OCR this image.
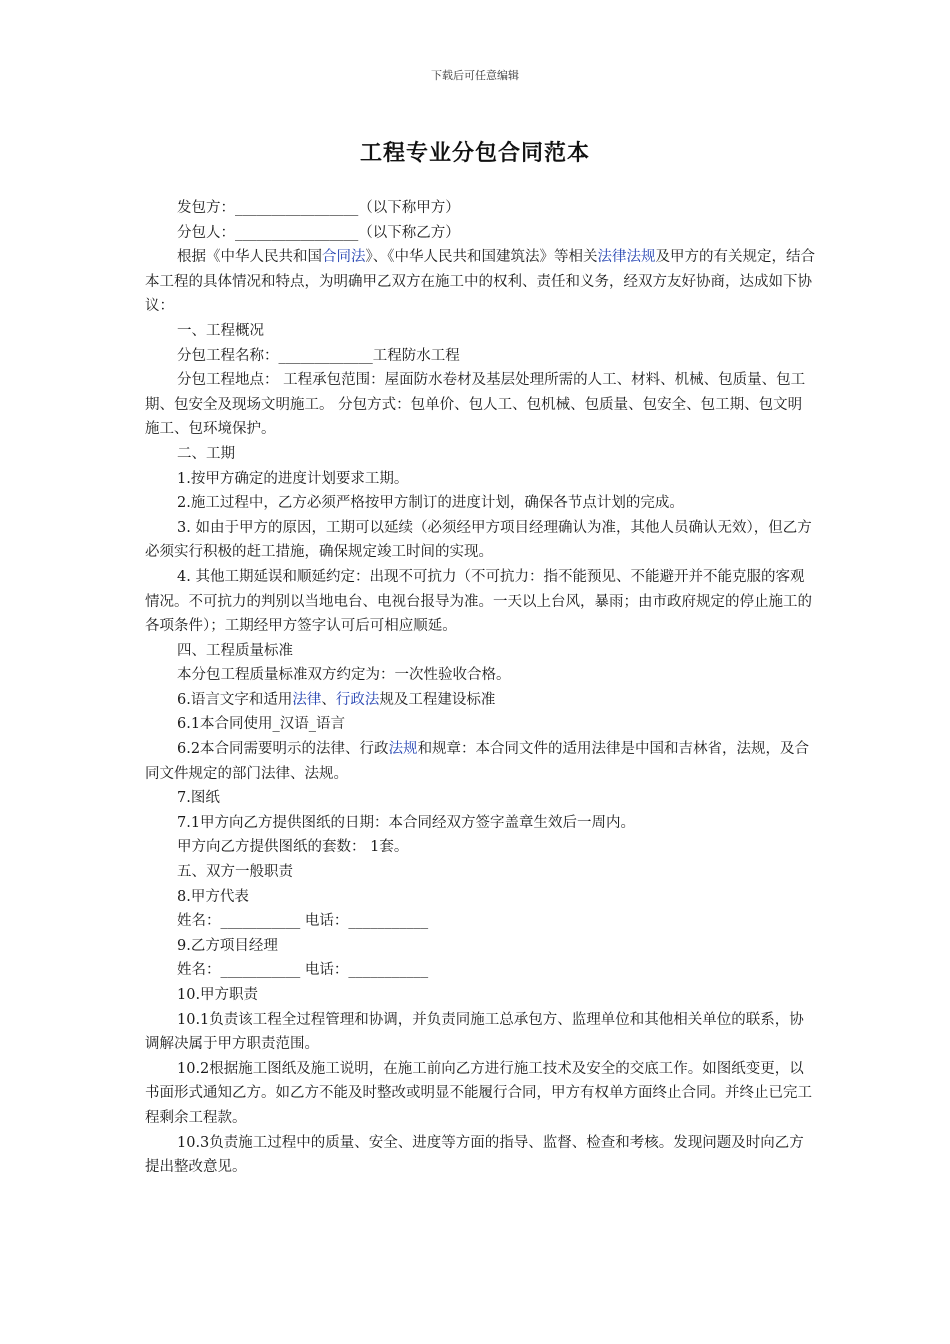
下载后可任意编辑
工程专业分包合同范本

发包方：_________________（以下称甲方）

分包人：_________________（以下称乙方）

根据《中华人民共和国合同法》、《中华人民共和国建筑法》等相关法律法规及甲方的有关规定，结合本工程的具体情况和特点，为明确甲乙双方在施工中的权利、责任和义务，经双方友好协商，达成如下协议：

一、工程概况

分包工程名称：_____________工程防水工程

分包工程地点： 工程承包范围：屋面防水卷材及基层处理所需的人工、材料、机械、包质量、包工期、包安全及现场文明施工。 分包方式：包单价、包人工、包机械、包质量、包安全、包工期、包文明施工、包环境保护。

二、工期

1.按甲方确定的进度计划要求工期。

2.施工过程中，乙方必须严格按甲方制订的进度计划，确保各节点计划的完成。

3. 如由于甲方的原因，工期可以延续（必须经甲方项目经理确认为准，其他人员确认无效），但乙方必须实行积极的赶工措施，确保规定竣工时间的实现。

4. 其他工期延误和顺延约定：出现不可抗力（不可抗力：指不能预见、不能避开并不能克服的客观情况。不可抗力的判别以当地电台、电视台报导为准。一天以上台风，暴雨；由市政府规定的停止施工的各项条件）；工期经甲方签字认可后可相应顺延。

四、工程质量标准

本分包工程质量标准双方约定为：一次性验收合格。

6.语言文字和适用法律、行政法规及工程建设标准

6.1本合同使用_汉语_语言

6.2本合同需要明示的法律、行政法规和规章：本合同文件的适用法律是中国和吉林省，法规，及合同文件规定的部门法律、法规。

7.图纸

7.1甲方向乙方提供图纸的日期：本合同经双方签字盖章生效后一周内。

甲方向乙方提供图纸的套数： 1套。

五、双方一般职责

8.甲方代表

姓名：___________ 电话：___________

9.乙方项目经理

姓名：___________ 电话：___________

10.甲方职责

10.1负责该工程全过程管理和协调，并负责同施工总承包方、监理单位和其他相关单位的联系，协调解决属于甲方职责范围。

10.2根据施工图纸及施工说明，在施工前向乙方进行施工技术及安全的交底工作。如图纸变更，以书面形式通知乙方。如乙方不能及时整改或明显不能履行合同，甲方有权单方面终止合同。并终止已完工程剩余工程款。

10.3负责施工过程中的质量、安全、进度等方面的指导、监督、检查和考核。发现问题及时向乙方提出整改意见。
